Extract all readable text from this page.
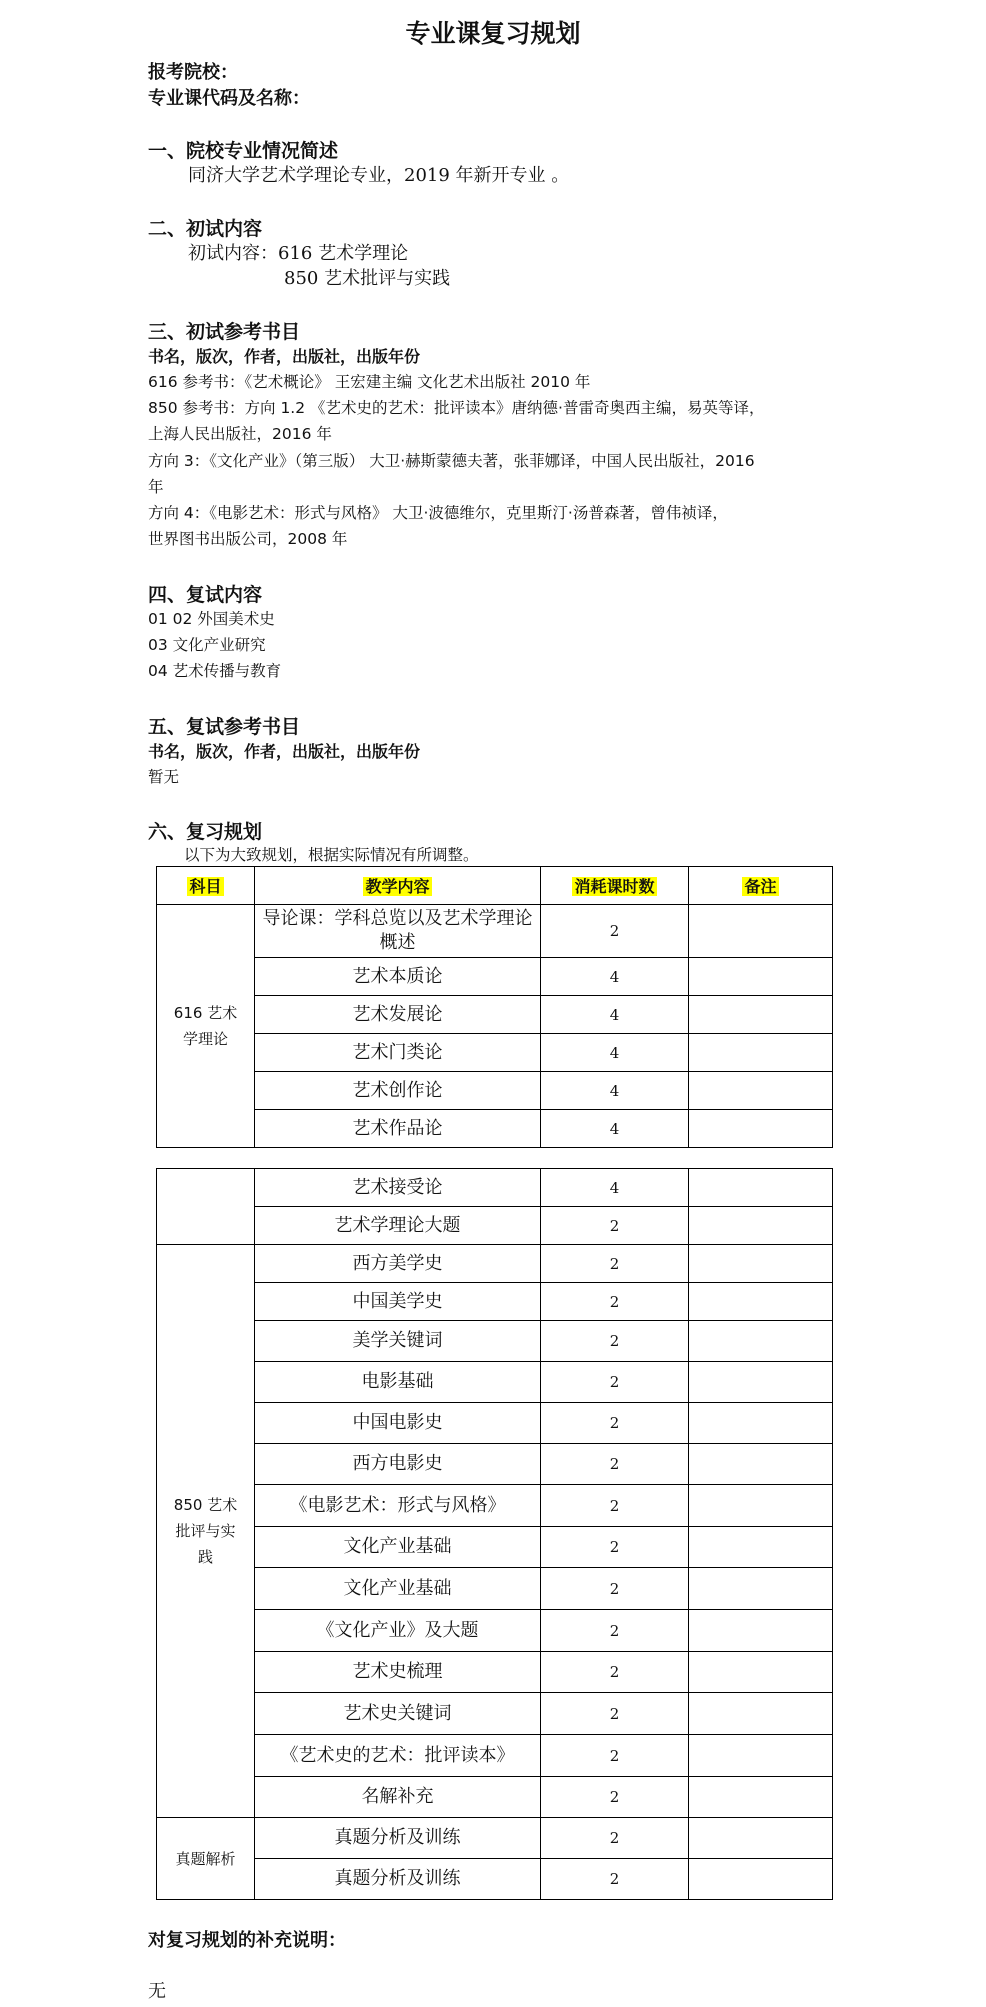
专业课复习规划
报考院校：
专业课代码及名称：
一、院校专业情况简述
同济大学艺术学理论专业，2019 年新开专业 。
二、初试内容
初试内容：616 艺术学理论
850 艺术批评与实践
三、初试参考书目
书名，版次，作者，出版社，出版年份
616 参考书：《艺术概论》 王宏建主编 文化艺术出版社 2010 年
850 参考书：方向 1.2 《艺术史的艺术：批评读本》唐纳德·普雷奇奥西主编，易英等译，
上海人民出版社，2016 年
方向 3：《文化产业》（第三版） 大卫·赫斯蒙德夫著，张菲娜译，中国人民出版社，2016
年
方向 4：《电影艺术：形式与风格》 大卫·波德维尔，克里斯汀·汤普森著，曾伟祯译，
世界图书出版公司，2008 年
四、复试内容
01 02 外国美术史
03 文化产业研究
04 艺术传播与教育
五、复试参考书目
书名，版次，作者，出版社，出版年份
暂无
六、复习规划
以下为大致规划，根据实际情况有所调整。
科目	教学内容	消耗课时数	备注

616 艺术学理论	导论课：学科总览以及艺术学理论概述	2	
	艺术本质论	4	
	艺术发展论	4	
	艺术门类论	4	
	艺术创作论	4	
	艺术作品论	4	
	艺术接受论	4	
	艺术学理论大题	2	

850 艺术批评与实践	西方美学史	2	
	中国美学史	2	
	美学关键词	2	
	电影基础	2	
	中国电影史	2	
	西方电影史	2	
	《电影艺术：形式与风格》	2	
	文化产业基础	2	
	文化产业基础	2	
	《文化产业》及大题	2	
	艺术史梳理	2	
	艺术史关键词	2	
	《艺术史的艺术：批评读本》	2	
	名解补充	2	
真题解析	真题分析及训练	2	
	真题分析及训练	2	
对复习规划的补充说明：
无
